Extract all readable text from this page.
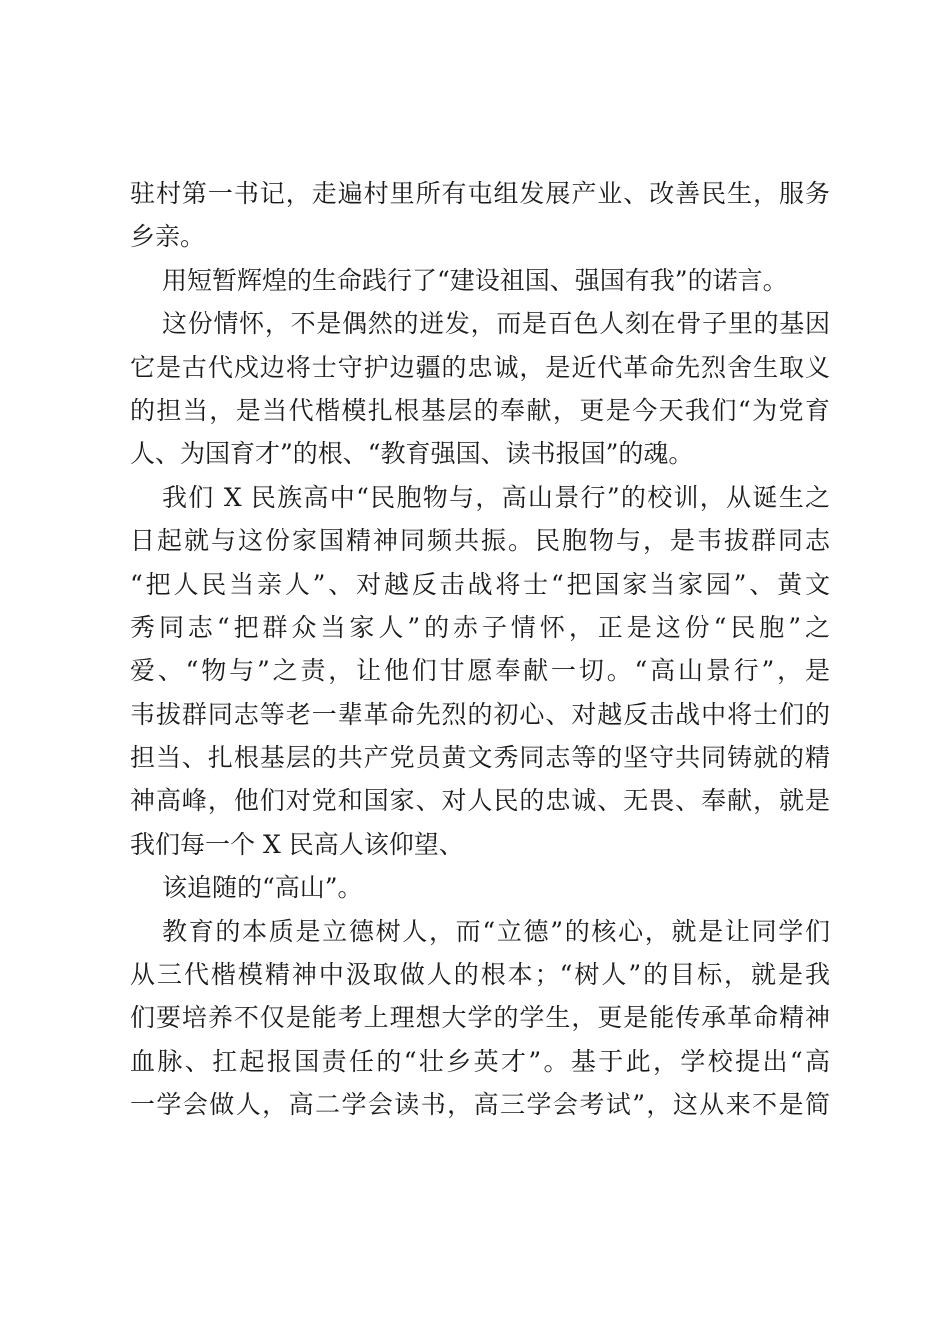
驻村第一书记，走遍村里所有屯组发展产业、改善民生，服务
乡亲。
用短暂辉煌的生命践行了“建设祖国、强国有我”的诺言。
这份情怀，不是偶然的迸发，而是百色人刻在骨子里的基因
它是古代戍边将士守护边疆的忠诚，是近代革命先烈舍生取义
的担当，是当代楷模扎根基层的奉献，更是今天我们“为党育
人、为国育才”的根、“教育强国、读书报国”的魂。
我们 X 民族高中“民胞物与，高山景行”的校训，从诞生之
日起就与这份家国精神同频共振。民胞物与，是韦拔群同志
“把人民当亲人”、对越反击战将士“把国家当家园”、黄文
秀同志“把群众当家人”的赤子情怀，正是这份“民胞”之
爱、“物与”之责，让他们甘愿奉献一切。“高山景行”，是
韦拔群同志等老一辈革命先烈的初心、对越反击战中将士们的
担当、扎根基层的共产党员黄文秀同志等的坚守共同铸就的精
神高峰，他们对党和国家、对人民的忠诚、无畏、奉献，就是
我们每一个 X 民高人该仰望、
该追随的“高山”。
教育的本质是立德树人，而“立德”的核心，就是让同学们
从三代楷模精神中汲取做人的根本；“树人”的目标，就是我
们要培养不仅是能考上理想大学的学生，更是能传承革命精神
血脉、扛起报国责任的“壮乡英才”。基于此，学校提出“高
一学会做人，高二学会读书，高三学会考试”，这从来不是简
